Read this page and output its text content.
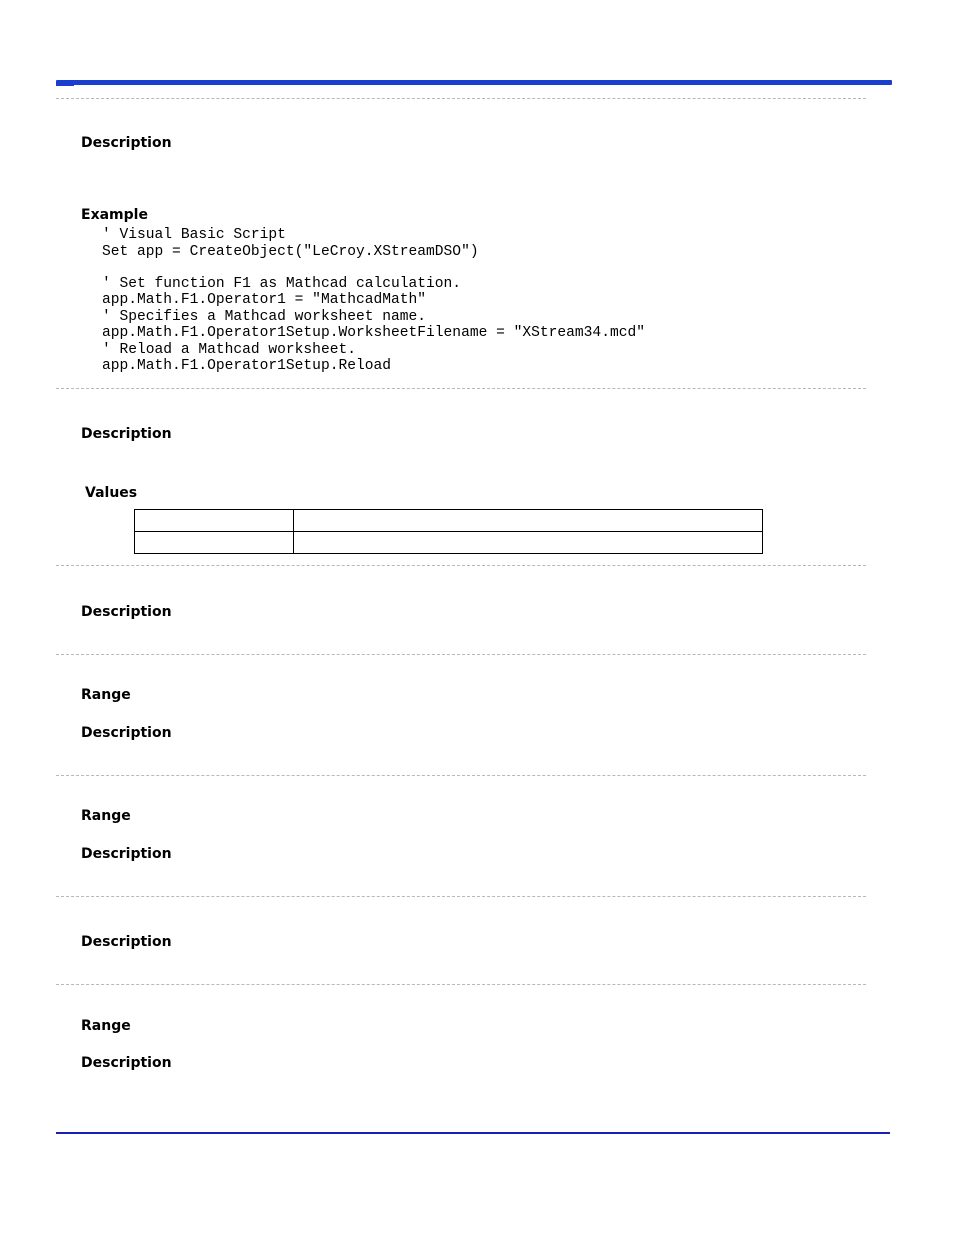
Description
Example
' Visual Basic Script
Set app = CreateObject("LeCroy.XStreamDSO")
' Set function F1 as Mathcad calculation.
app.Math.F1.Operator1 = "MathcadMath"
' Specifies a Mathcad worksheet name.
app.Math.F1.Operator1Setup.WorksheetFilename = "XStream34.mcd"
' Reload a Mathcad worksheet.
app.Math.F1.Operator1Setup.Reload
Description
Values

Description
Range
Description
Range
Description
Description
Range
Description
